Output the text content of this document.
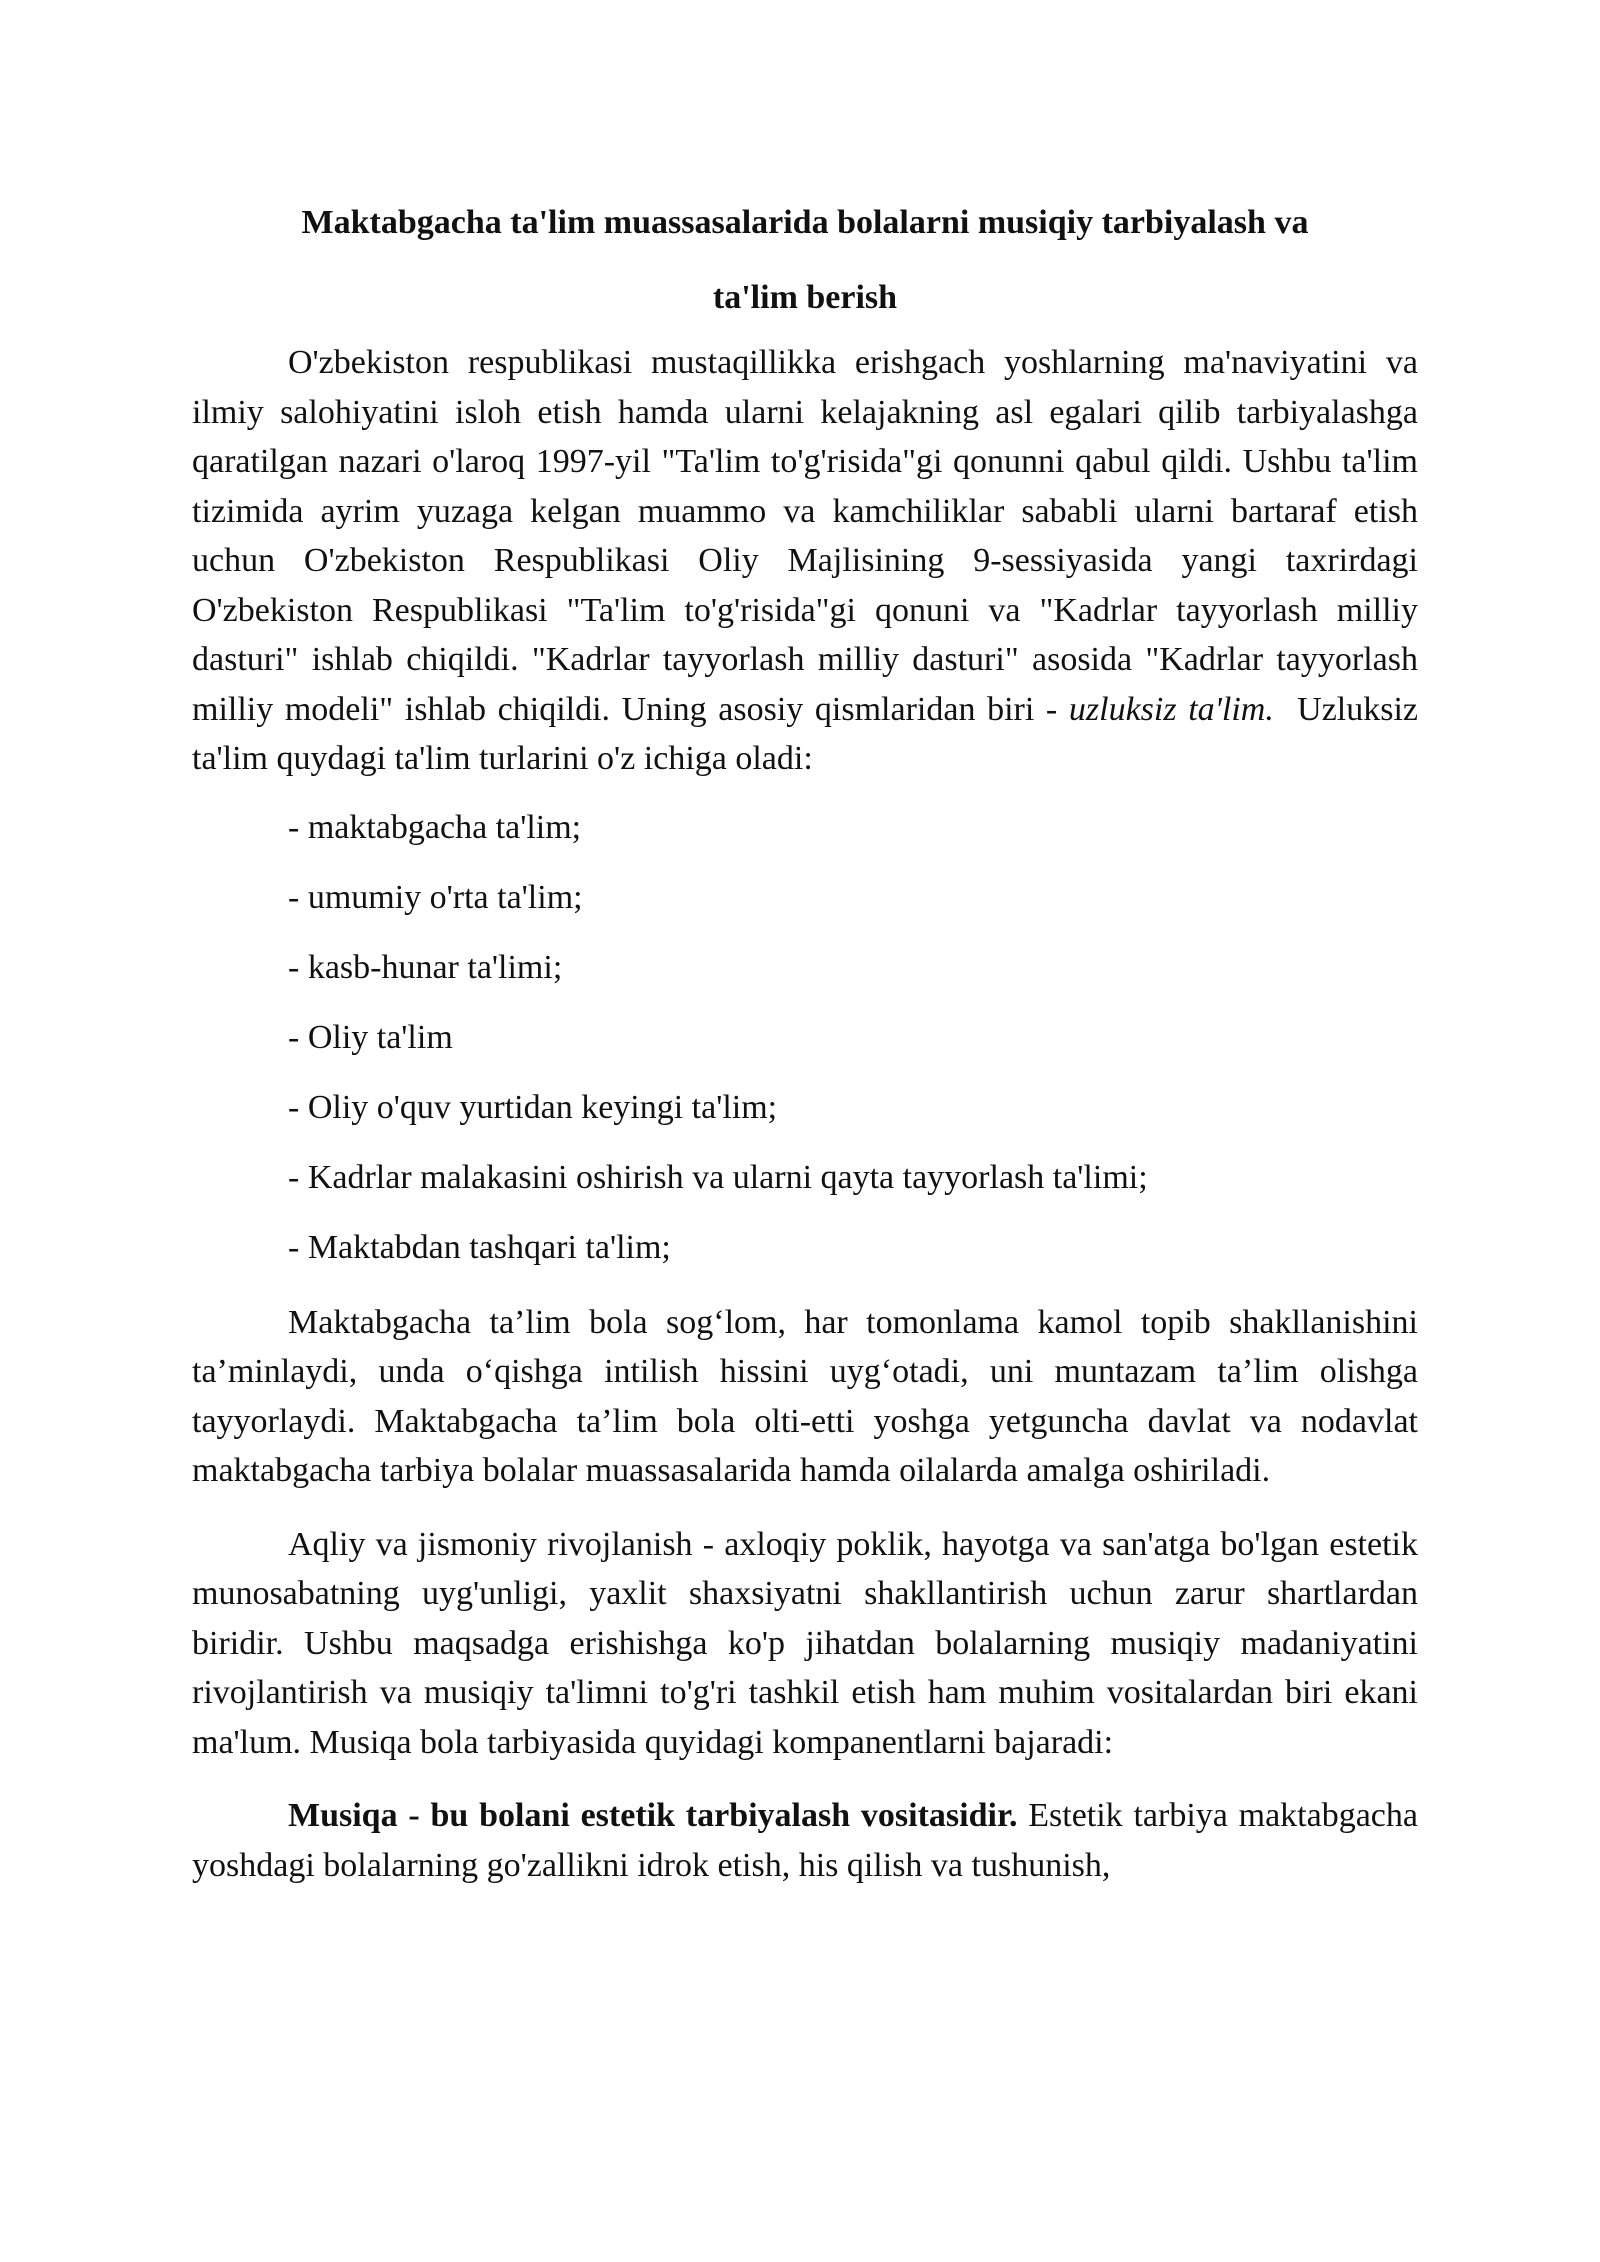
Maktabgacha ta'lim muassasalarida bolalarni musiqiy tarbiyalash va
ta'lim berish

O'zbekiston respublikasi mustaqillikka erishgach yoshlarning ma'naviyatini va ilmiy salohiyatini isloh etish hamda ularni kelajakning asl egalari qilib tarbiyalashga qaratilgan nazari o'laroq 1997-yil "Ta'lim to'g'risida"gi qonunni qabul qildi. Ushbu ta'lim tizimida ayrim yuzaga kelgan muammo va kamchiliklar sababli ularni bartaraf etish uchun O'zbekiston Respublikasi Oliy Majlisining 9-sessiyasida yangi taxrirdagi O'zbekiston Respublikasi "Ta'lim to'g'risida"gi qonuni va "Kadrlar tayyorlash milliy dasturi" ishlab chiqildi. "Kadrlar tayyorlash milliy dasturi" asosida "Kadrlar tayyorlash milliy modeli" ishlab chiqildi. Uning asosiy qismlaridan biri - uzluksiz ta'lim.  Uzluksiz ta'lim quydagi ta'lim turlarini o'z ichiga oladi:

- maktabgacha ta'lim;
- umumiy o'rta ta'lim;
- kasb-hunar ta'limi;
- Oliy ta'lim
- Oliy o'quv yurtidan keyingi ta'lim;
- Kadrlar malakasini oshirish va ularni qayta tayyorlash ta'limi;
- Maktabdan tashqari ta'lim;

Maktabgacha ta’lim bola sog‘lom, har tomonlama kamol topib shakllanishini ta’minlaydi, unda o‘qishga intilish hissini uyg‘otadi, uni muntazam ta’lim olishga tayyorlaydi. Maktabgacha ta’lim bola olti-etti yoshga yetguncha davlat va nodavlat maktabgacha tarbiya bolalar muassasalarida hamda oilalarda amalga oshiriladi.

Aqliy va jismoniy rivojlanish - axloqiy poklik, hayotga va san'atga bo'lgan estetik munosabatning uyg'unligi, yaxlit shaxsiyatni shakllantirish uchun zarur shartlardan biridir. Ushbu maqsadga erishishga ko'p jihatdan bolalarning musiqiy madaniyatini rivojlantirish va musiqiy ta'limni to'g'ri tashkil etish ham muhim vositalardan biri ekani ma'lum. Musiqa bola tarbiyasida quyidagi kompanentlarni bajaradi:

Musiqa - bu bolani estetik tarbiyalash vositasidir. Estetik tarbiya maktabgacha yoshdagi bolalarning go'zallikni idrok etish, his qilish va tushunish,
